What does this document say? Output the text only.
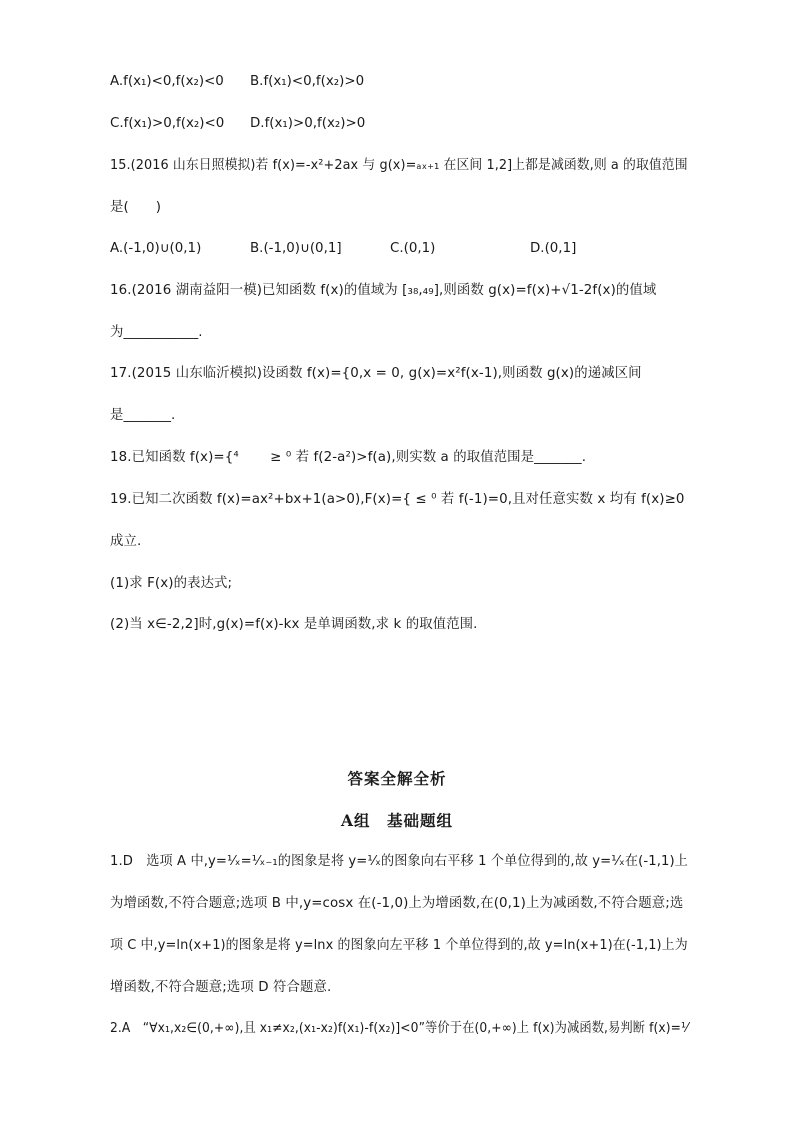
A.f(x₁)<0,f(x₂)<0 B.f(x₁)<0,f(x₂)>0
C.f(x₁)>0,f(x₂)<0 D.f(x₁)>0,f(x₂)>0
15.(2016 山东日照模拟)若 f(x)=-x²+2ax 与 g(x)=ₐₓ₊₁ 在区间 1,2]上都是减函数,则 a 的取值范围
是(  )
A.(-1,0)∪(0,1)	B.(-1,0)∪(0,1]	C.(0,1)	D.(0,1]
16.(2016 湖南益阳一模)已知函数 f(x)的值域为 [₃₈,₄₉],则函数 g(x)=f(x)+√1-2f(x)的值域
为___________.
17.(2015 山东临沂模拟)设函数 f(x)={0,x = 0, g(x)=x²f(x-1),则函数 g(x)的递减区间
是_______.
18.已知函数 f(x)={⁴   ≥ ⁰ 若 f(2-a²)>f(a),则实数 a 的取值范围是_______.
19.已知二次函数 f(x)=ax²+bx+1(a>0),F(x)={ ≤ ⁰ 若 f(-1)=0,且对任意实数 x 均有 f(x)≥0
成立.
(1)求 F(x)的表达式;
(2)当 x∈-2,2]时,g(x)=f(x)-kx 是单调函数,求 k 的取值范围.
答案全解全析
A组 基础题组
1.D 选项 A 中,y=¹⁄ₓ=¹⁄ₓ₋₁的图象是将 y=¹⁄ₓ的图象向右平移 1 个单位得到的,故 y=¹⁄ₓ在(-1,1)上
为增函数,不符合题意;选项 B 中,y=cosx 在(-1,0)上为增函数,在(0,1)上为减函数,不符合题意;选
项 C 中,y=ln(x+1)的图象是将 y=lnx 的图象向左平移 1 个单位得到的,故 y=ln(x+1)在(-1,1)上为
增函数,不符合题意;选项 D 符合题意.
2.A “∀x₁,x₂∈(0,+∞),且 x₁≠x₂,(x₁-x₂)f(x₁)-f(x₂)]<0”等价于在(0,+∞)上 f(x)为减函数,易判断 f(x)=¹⁄
